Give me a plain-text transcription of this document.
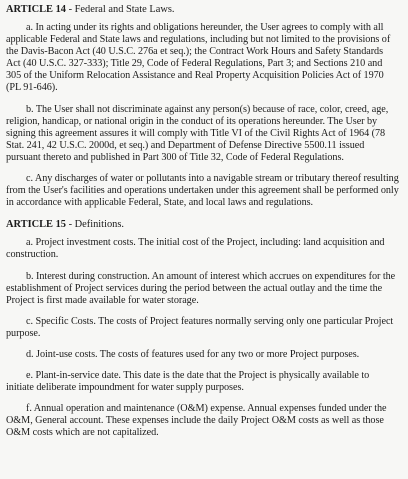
ARTICLE 14 - Federal and State Laws.

a. In acting under its rights and obligations hereunder, the User agrees to comply with all applicable Federal and State laws and regulations, including but not limited to the provisions of the Davis-Bacon Act (40 U.S.C. 276a et seq.); the Contract Work Hours and Safety Standards Act (40 U.S.C. 327-333); Title 29, Code of Federal Regulations, Part 3; and Sections 210 and 305 of the Uniform Relocation Assistance and Real Property Acquisition Policies Act of 1970 (PL 91-646).

b. The User shall not discriminate against any person(s) because of race, color, creed, age, religion, handicap, or national origin in the conduct of its operations hereunder. The User by signing this agreement assures it will comply with Title VI of the Civil Rights Act of 1964 (78 Stat. 241, 42 U.S.C. 2000d, et seq.) and Department of Defense Directive 5500.11 issued pursuant thereto and published in Part 300 of Title 32, Code of Federal Regulations.

c. Any discharges of water or pollutants into a navigable stream or tributary thereof resulting from the User's facilities and operations undertaken under this agreement shall be performed only in accordance with applicable Federal, State, and local laws and regulations.

ARTICLE 15 - Definitions.

a. Project investment costs. The initial cost of the Project, including: land acquisition and construction.

b. Interest during construction. An amount of interest which accrues on expenditures for the establishment of Project services during the period between the actual outlay and the time the Project is first made available for water storage.

c. Specific Costs. The costs of Project features normally serving only one particular Project purpose.

d. Joint-use costs. The costs of features used for any two or more Project purposes.

e. Plant-in-service date. This date is the date that the Project is physically available to initiate deliberate impoundment for water supply purposes.

f. Annual operation and maintenance (O&M) expense. Annual expenses funded under the O&M, General account. These expenses include the daily Project O&M costs as well as those O&M costs which are not capitalized.
